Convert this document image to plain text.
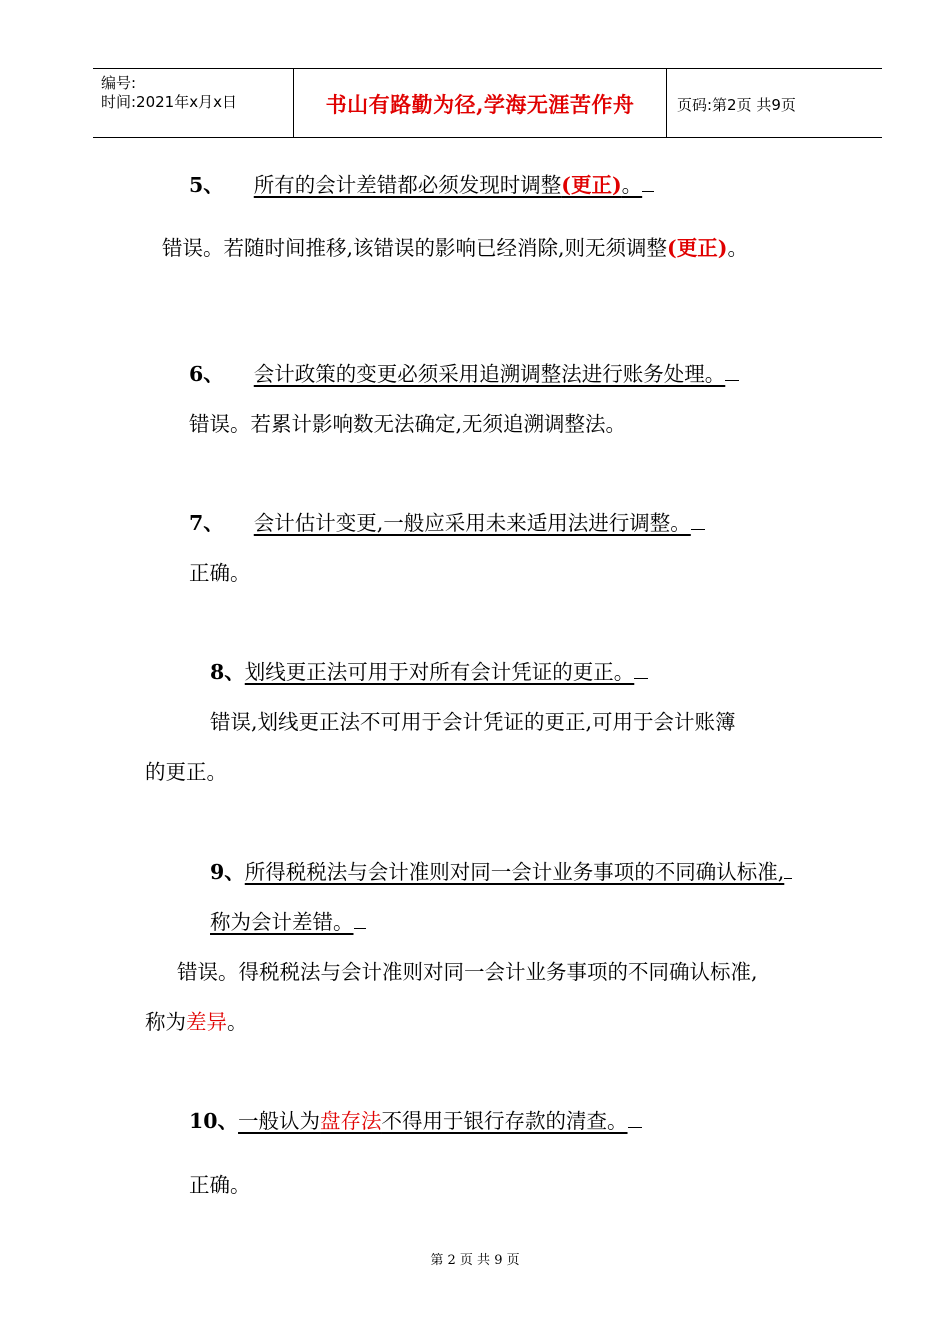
编号:
时间:2021年x月x日	书山有路勤为径,学海无涯苦作舟	页码:第2页 共9页
5、 所有的会计差错都必须发现时调整(更正)。
错误。若随时间推移,该错误的影响已经消除,则无须调整(更正)。
6、 会计政策的变更必须采用追溯调整法进行账务处理。
错误。若累计影响数无法确定,无须追溯调整法。
7、 会计估计变更,一般应采用未来适用法进行调整。
正确。
8、划线更正法可用于对所有会计凭证的更正。
错误,划线更正法不可用于会计凭证的更正,可用于会计账簿
的更正。
9、所得税税法与会计准则对同一会计业务事项的不同确认标准,
称为会计差错。
错误。得税税法与会计准则对同一会计业务事项的不同确认标准,
称为差异。
10、一般认为盘存法不得用于银行存款的清查。
正确。
第 2 页 共 9 页
